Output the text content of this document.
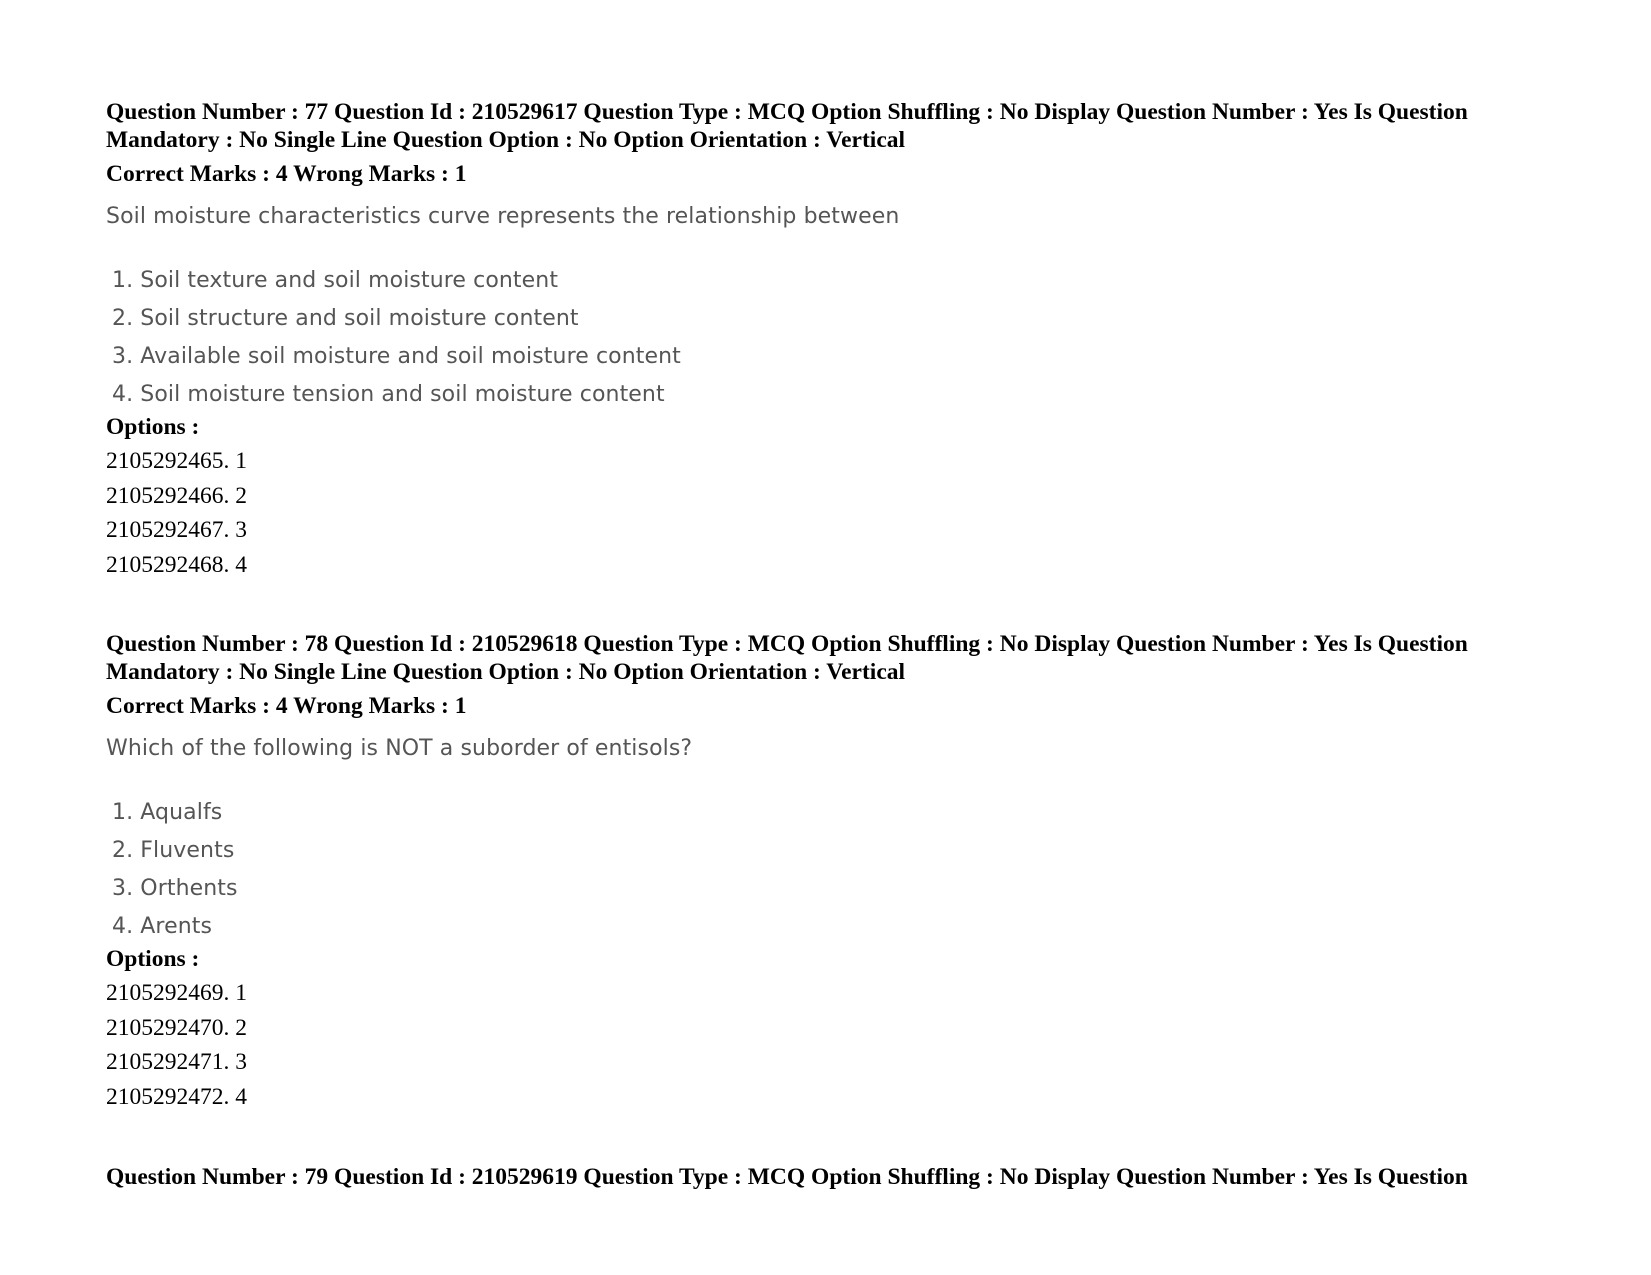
Question Number : 77 Question Id : 210529617 Question Type : MCQ Option Shuffling : No Display Question Number : Yes Is Question
Mandatory : No Single Line Question Option : No Option Orientation : Vertical

Correct Marks : 4 Wrong Marks : 1
Soil moisture characteristics curve represents the relationship between
1. Soil texture and soil moisture content
2. Soil structure and soil moisture content
3. Available soil moisture and soil moisture content
4. Soil moisture tension and soil moisture content
Options :
2105292465. 1
2105292466. 2
2105292467. 3
2105292468. 4

Question Number : 78 Question Id : 210529618 Question Type : MCQ Option Shuffling : No Display Question Number : Yes Is Question
Mandatory : No Single Line Question Option : No Option Orientation : Vertical

Correct Marks : 4 Wrong Marks : 1
Which of the following is NOT a suborder of entisols?
1. Aqualfs
2. Fluvents
3. Orthents
4. Arents
Options :
2105292469. 1
2105292470. 2
2105292471. 3
2105292472. 4

Question Number : 79 Question Id : 210529619 Question Type : MCQ Option Shuffling : No Display Question Number : Yes Is Question
